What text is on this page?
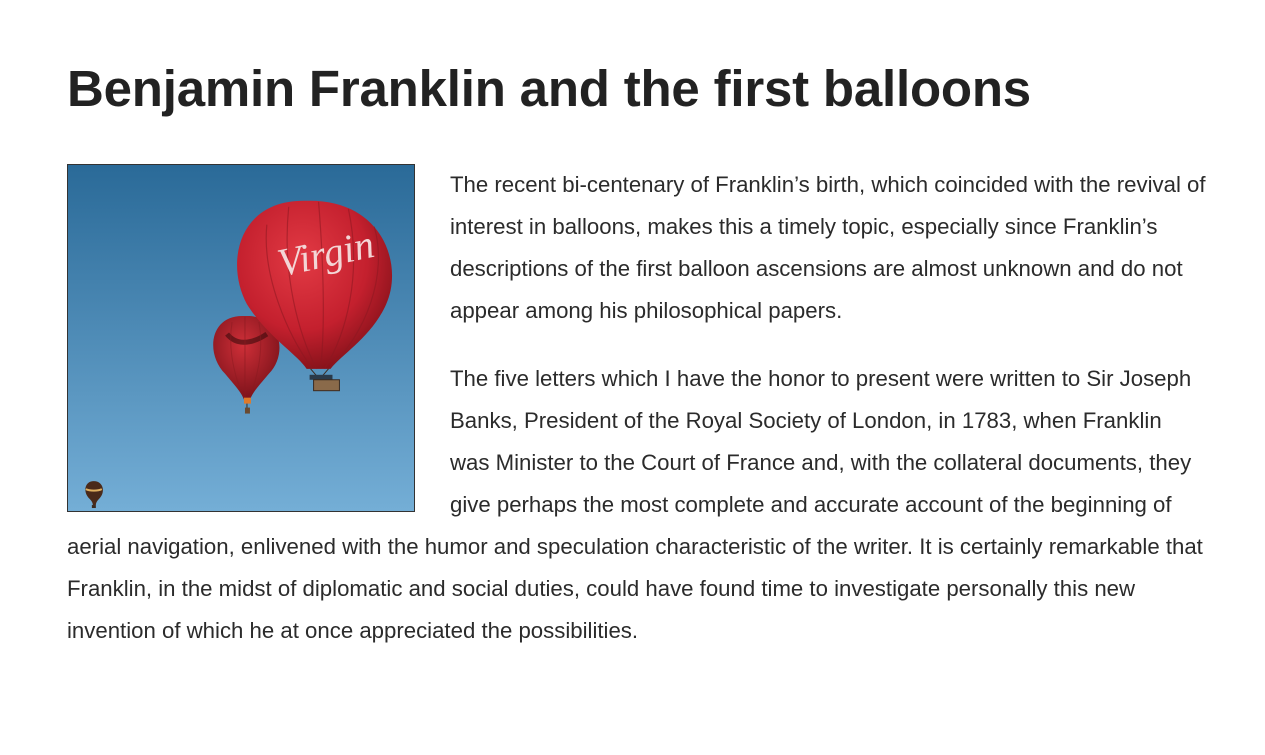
Benjamin Franklin and the first balloons
Virgin

The recent bi-centenary of Franklin’s birth, which coincided with the revival of interest in balloons, makes this a timely topic, especially since Franklin’s descriptions of the first balloon ascensions are almost unknown and do not appear among his philosophical papers.

The five letters which I have the honor to present were written to Sir Joseph Banks, President of the Royal Society of London, in 1783, when Franklin was Minister to the Court of France and, with the collateral documents, they give perhaps the most complete and accurate account of the beginning of aerial navigation, enlivened with the humor and speculation characteristic of the writer. It is certainly remarkable that Franklin, in the midst of diplomatic and social duties, could have found time to investigate personally this new invention of which he at once appreciated the possibilities.
